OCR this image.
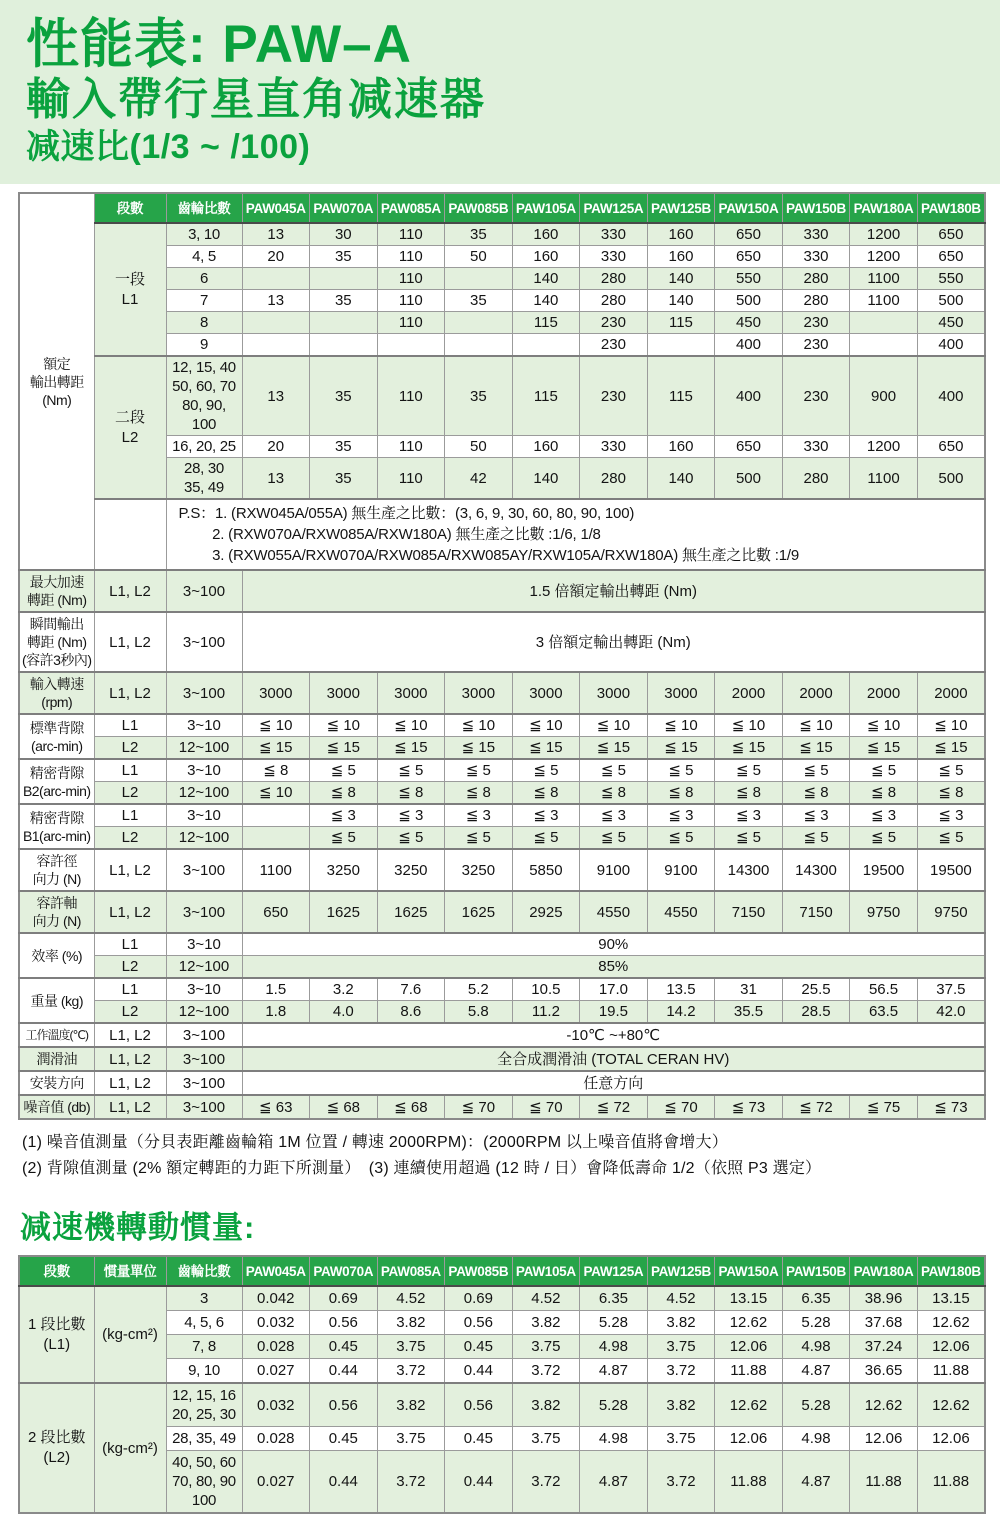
性能表: PAW–A
輸入帶行星直角减速器
减速比(1/3 ~ /100)
額定
輸出轉距
(Nm)	段數	齒輪比數	PAW045A	PAW070A	PAW085A	PAW085B	PAW105A	PAW125A	PAW125B	PAW150A	PAW150B	PAW180A	PAW180B
	一段
L1	3, 10	13	30	110	35	160	330	160	650	330	1200	650
		4, 5	20	35	110	50	160	330	160	650	330	1200	650
		6			110		140	280	140	550	280	1100	550
		7	13	35	110	35	140	280	140	500	280	1100	500
		8			110		115	230	115	450	230		450
		9						230		400	230		400
	二段
L2	12, 15, 40
50, 60, 70
80, 90, 100	13	35	110	35	115	230	115	400	230	900	400
		16, 20, 25	20	35	110	50	160	330	160	650	330	1200	650
		28, 30
35, 49	13	35	110	42	140	280	140	500	280	1100	500
		P.S：1. (RXW045A/055A) 無生產之比數：(3, 6, 9, 30, 60, 80, 90, 100)
　　 2. (RXW070A/RXW085A/RXW180A) 無生產之比數 :1/6, 1/8
　　 3. (RXW055A/RXW070A/RXW085A/RXW085AY/RXW105A/RXW180A) 無生產之比數 :1/9											
最大加速
轉距 (Nm)	L1, L2	3~100	1.5 倍額定輸出轉距 (Nm)										
瞬間輸出
轉距 (Nm)
(容許3秒內)	L1, L2	3~100	3 倍額定輸出轉距 (Nm)										
輸入轉速
(rpm)	L1, L2	3~100	3000	3000	3000	3000	3000	3000	3000	2000	2000	2000	2000
標準背隙
(arc-min)	L1	3~10	≦ 10	≦ 10	≦ 10	≦ 10	≦ 10	≦ 10	≦ 10	≦ 10	≦ 10	≦ 10	≦ 10
	L2	12~100	≦ 15	≦ 15	≦ 15	≦ 15	≦ 15	≦ 15	≦ 15	≦ 15	≦ 15	≦ 15	≦ 15
精密背隙
B2(arc-min)	L1	3~10	≦ 8	≦ 5	≦ 5	≦ 5	≦ 5	≦ 5	≦ 5	≦ 5	≦ 5	≦ 5	≦ 5
	L2	12~100	≦ 10	≦ 8	≦ 8	≦ 8	≦ 8	≦ 8	≦ 8	≦ 8	≦ 8	≦ 8	≦ 8
精密背隙
B1(arc-min)	L1	3~10		≦ 3	≦ 3	≦ 3	≦ 3	≦ 3	≦ 3	≦ 3	≦ 3	≦ 3	≦ 3
	L2	12~100		≦ 5	≦ 5	≦ 5	≦ 5	≦ 5	≦ 5	≦ 5	≦ 5	≦ 5	≦ 5
容許徑
向力 (N)	L1, L2	3~100	1100	3250	3250	3250	5850	9100	9100	14300	14300	19500	19500
容許軸
向力 (N)	L1, L2	3~100	650	1625	1625	1625	2925	4550	4550	7150	7150	9750	9750
效率 (%)	L1	3~10	90%										
	L2	12~100	85%										
重量 (kg)	L1	3~10	1.5	3.2	7.6	5.2	10.5	17.0	13.5	31	25.5	56.5	37.5
	L2	12~100	1.8	4.0	8.6	5.8	11.2	19.5	14.2	35.5	28.5	63.5	42.0
工作溫度(℃)	L1, L2	3~100	-10℃ ~+80℃										
潤滑油	L1, L2	3~100	全合成潤滑油 (TOTAL CERAN HV)										
安裝方向	L1, L2	3~100	任意方向										
噪音值 (db)	L1, L2	3~100	≦ 63	≦ 68	≦ 68	≦ 70	≦ 70	≦ 72	≦ 70	≦ 73	≦ 72	≦ 75	≦ 73
(1) 噪音值測量（分貝表距離齒輪箱 1M 位置 / 轉速 2000RPM)：(2000RPM 以上噪音值將會增大）
(2) 背隙值測量 (2% 額定轉距的力距下所測量）　(3) 連續使用超過 (12 時 / 日）會降低壽命 1/2（依照 P3 選定）
减速機轉動慣量:
段數	慣量單位	齒輪比數	PAW045A	PAW070A	PAW085A	PAW085B	PAW105A	PAW125A	PAW125B	PAW150A	PAW150B	PAW180A	PAW180B
1 段比數
(L1)	(kg-cm²)	3	0.042	0.69	4.52	0.69	4.52	6.35	4.52	13.15	6.35	38.96	13.15
		4, 5, 6	0.032	0.56	3.82	0.56	3.82	5.28	3.82	12.62	5.28	37.68	12.62
		7, 8	0.028	0.45	3.75	0.45	3.75	4.98	3.75	12.06	4.98	37.24	12.06
		9, 10	0.027	0.44	3.72	0.44	3.72	4.87	3.72	11.88	4.87	36.65	11.88
2 段比數
(L2)	(kg-cm²)	12, 15, 16
20, 25, 30	0.032	0.56	3.82	0.56	3.82	5.28	3.82	12.62	5.28	12.62	12.62
		28, 35, 49	0.028	0.45	3.75	0.45	3.75	4.98	3.75	12.06	4.98	12.06	12.06
		40, 50, 60
70, 80, 90
100	0.027	0.44	3.72	0.44	3.72	4.87	3.72	11.88	4.87	11.88	11.88
